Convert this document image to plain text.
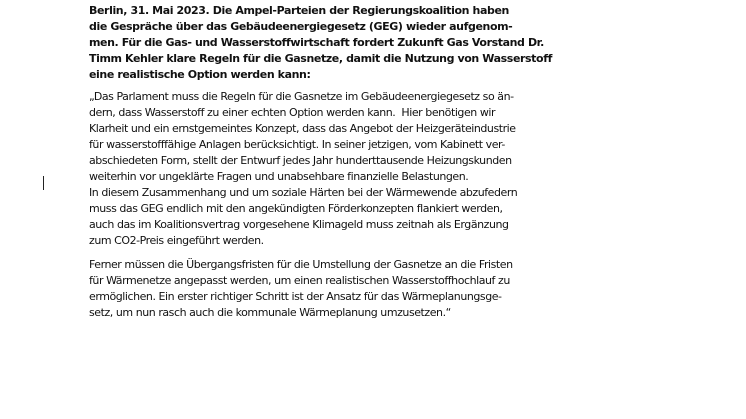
Berlin, 31. Mai 2023. Die Ampel-Parteien der Regierungskoalition haben
die Gespräche über das Gebäudeenergiegesetz (GEG) wieder aufgenom-
men. Für die Gas- und Wasserstoffwirtschaft fordert Zukunft Gas Vorstand Dr.
Timm Kehler klare Regeln für die Gasnetze, damit die Nutzung von Wasserstoff
eine realistische Option werden kann:
„Das Parlament muss die Regeln für die Gasnetze im Gebäudeenergiegesetz so än-
dern, dass Wasserstoff zu einer echten Option werden kann.  Hier benötigen wir
Klarheit und ein ernstgemeintes Konzept, dass das Angebot der Heizgeräteindustrie
für wasserstofffähige Anlagen berücksichtigt. In seiner jetzigen, vom Kabinett ver-
abschiedeten Form, stellt der Entwurf jedes Jahr hunderttausende Heizungskunden
weiterhin vor ungeklärte Fragen und unabsehbare finanzielle Belastungen.
In diesem Zusammenhang und um soziale Härten bei der Wärmewende abzufedern
muss das GEG endlich mit den angekündigten Förderkonzepten flankiert werden,
auch das im Koalitionsvertrag vorgesehene Klimageld muss zeitnah als Ergänzung
zum CO2-Preis eingeführt werden.
Ferner müssen die Übergangsfristen für die Umstellung der Gasnetze an die Fristen
für Wärmenetze angepasst werden, um einen realistischen Wasserstoffhochlauf zu
ermöglichen. Ein erster richtiger Schritt ist der Ansatz für das Wärmeplanungsge-
setz, um nun rasch auch die kommunale Wärmeplanung umzusetzen.“
